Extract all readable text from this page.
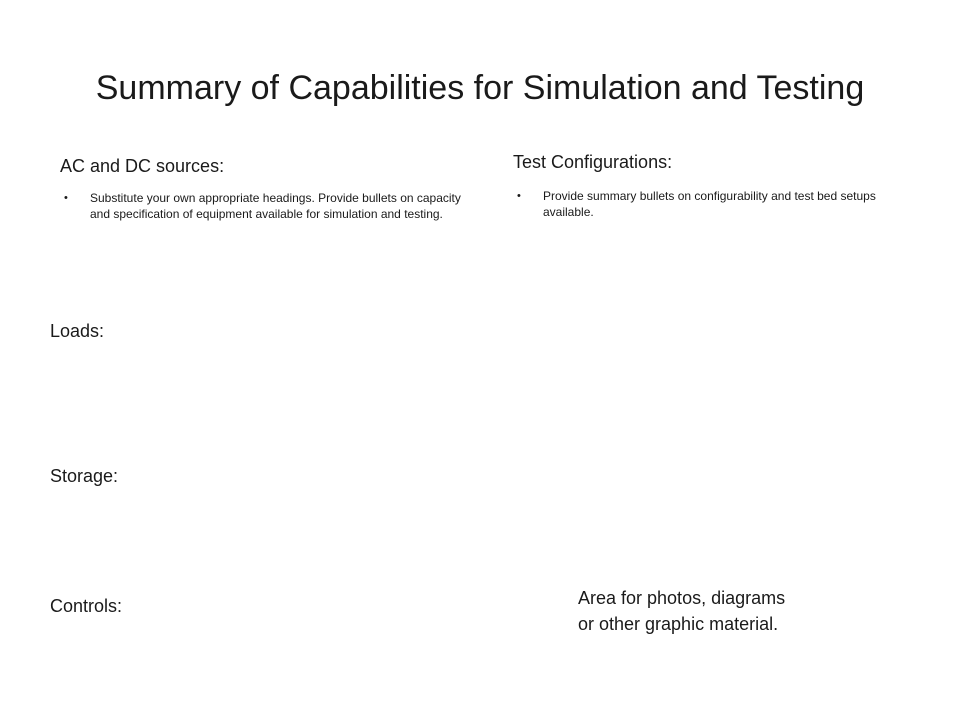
Summary of Capabilities for Simulation and Testing
AC and DC sources:
• Substitute your own appropriate headings. Provide bullets on capacity and specification of equipment available for simulation and testing.
Test Configurations:
• Provide summary bullets on configurability and test bed setups available.
Loads:
Storage:
Controls:	Area for photos, diagrams
or other graphic material.
